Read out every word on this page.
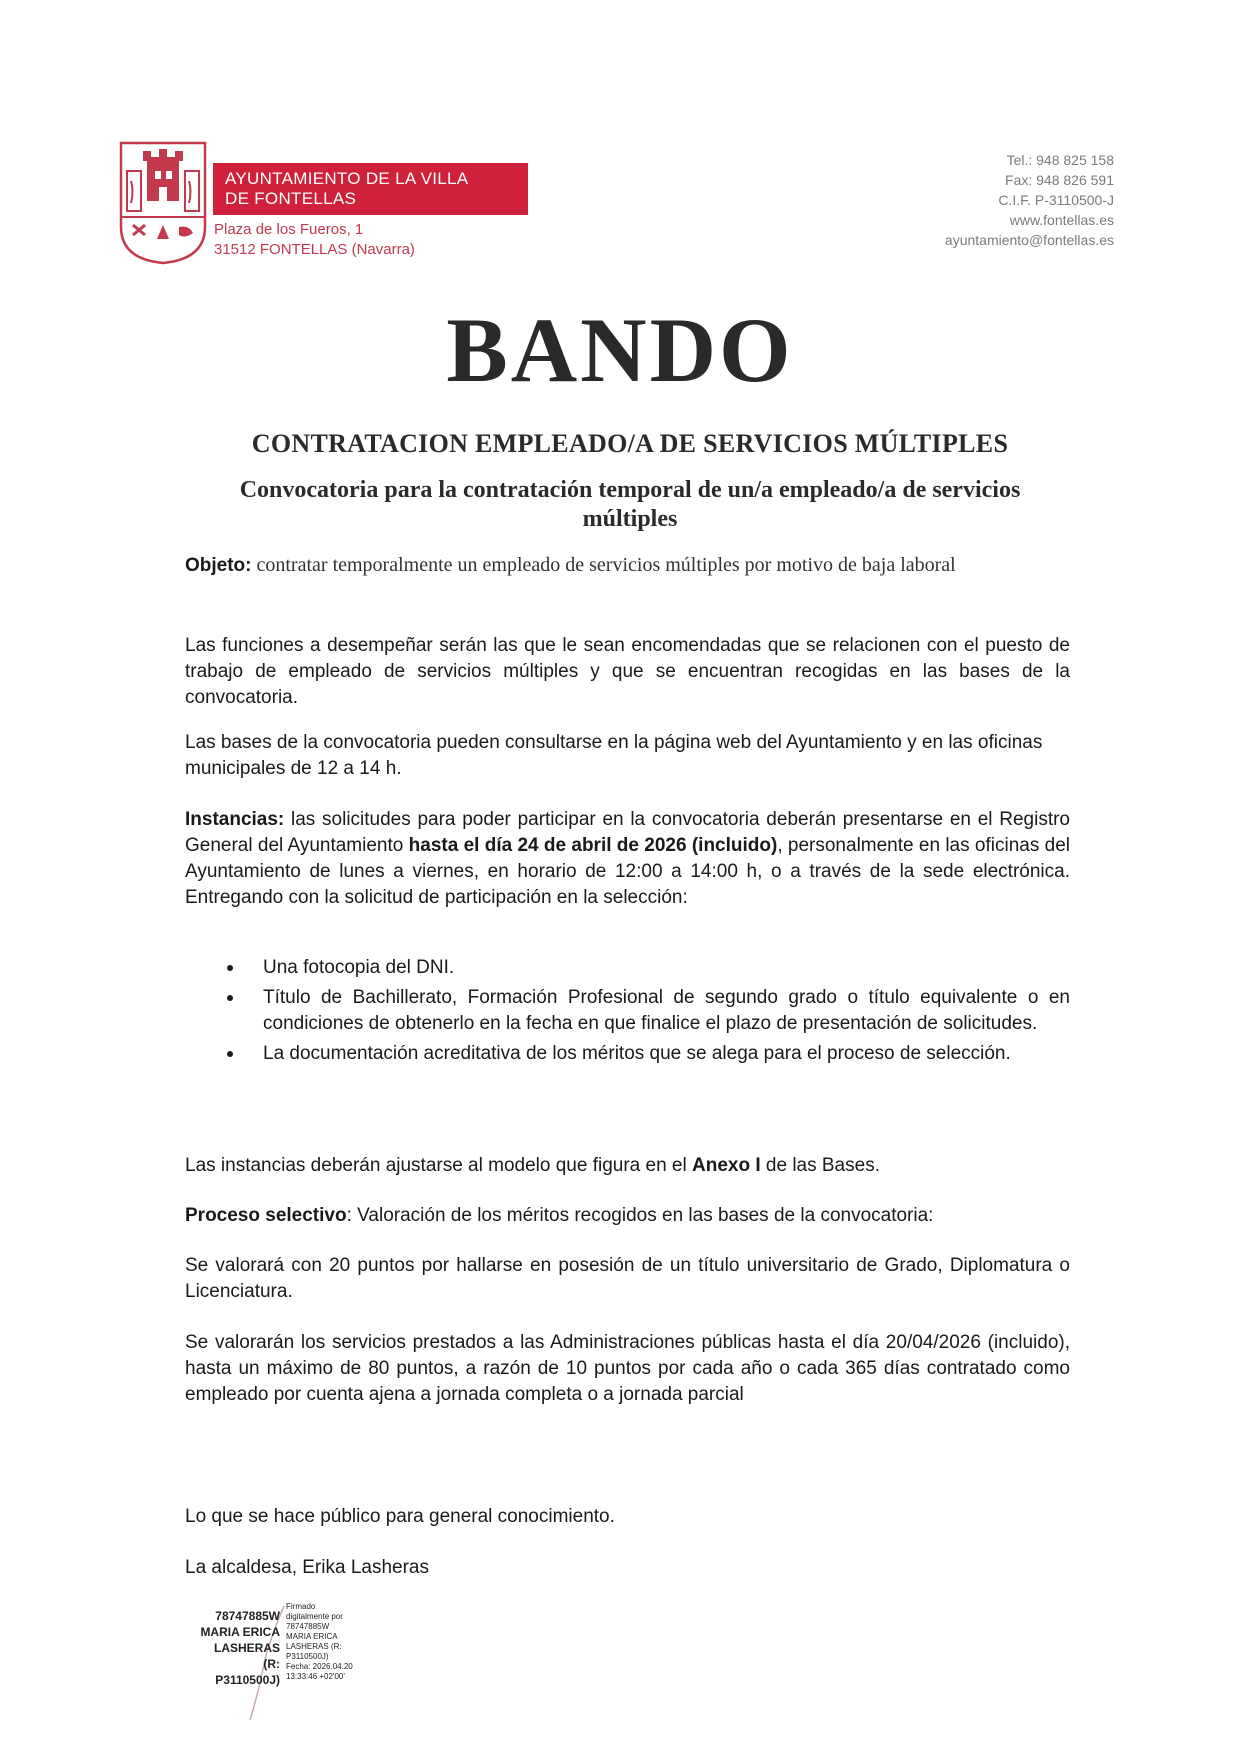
AYUNTAMIENTO DE LA VILLA
DE FONTELLAS
Plaza de los Fueros, 1
31512 FONTELLAS (Navarra)
Tel.: 948 825 158
Fax: 948 826 591
C.I.F. P-3110500-J
www.fontellas.es
ayuntamiento@fontellas.es
BANDO
CONTRATACION EMPLEADO/A DE SERVICIOS MÚLTIPLES
Convocatoria para la contratación temporal de un/a empleado/a de servicios múltiples
Objeto: contratar temporalmente un empleado de servicios múltiples por motivo de baja laboral
Las funciones a desempeñar serán las que le sean encomendadas que se relacionen con el puesto de trabajo de empleado de servicios múltiples y que se encuentran recogidas en las bases de la convocatoria.
Las bases de la convocatoria pueden consultarse en la página web del Ayuntamiento y en las oficinas municipales de 12 a 14 h.
Instancias: las solicitudes para poder participar en la convocatoria deberán presentarse en el Registro General del Ayuntamiento hasta el día 24 de abril de 2026 (incluido), personalmente en las oficinas del Ayuntamiento de lunes a viernes, en horario de 12:00 a 14:00 h, o a través de la sede electrónica. Entregando con la solicitud de participación en la selección:
Una fotocopia del DNI.
Título de Bachillerato, Formación Profesional de segundo grado o título equivalente o en condiciones de obtenerlo en la fecha en que finalice el plazo de presentación de solicitudes.
La documentación acreditativa de los méritos que se alega para el proceso de selección.
Las instancias deberán ajustarse al modelo que figura en el Anexo I de las Bases.
Proceso selectivo: Valoración de los méritos recogidos en las bases de la convocatoria:
Se valorará con 20 puntos por hallarse en posesión de un título universitario de Grado, Diplomatura o Licenciatura.
Se valorarán los servicios prestados a las Administraciones públicas hasta el día 20/04/2026 (incluido), hasta un máximo de 80 puntos, a razón de 10 puntos por cada año o cada 365 días contratado como empleado por cuenta ajena a jornada completa o a jornada parcial
Lo que se hace público para general conocimiento.
La alcaldesa, Erika Lasheras
78747885W
MARIA ERICA
LASHERAS
(R:
P3110500J)
Firmado
digitalmente por
78747885W
MARIA ERICA
LASHERAS (R:
P3110500J)
Fecha: 2026.04.20
13:33:46 +02'00'
